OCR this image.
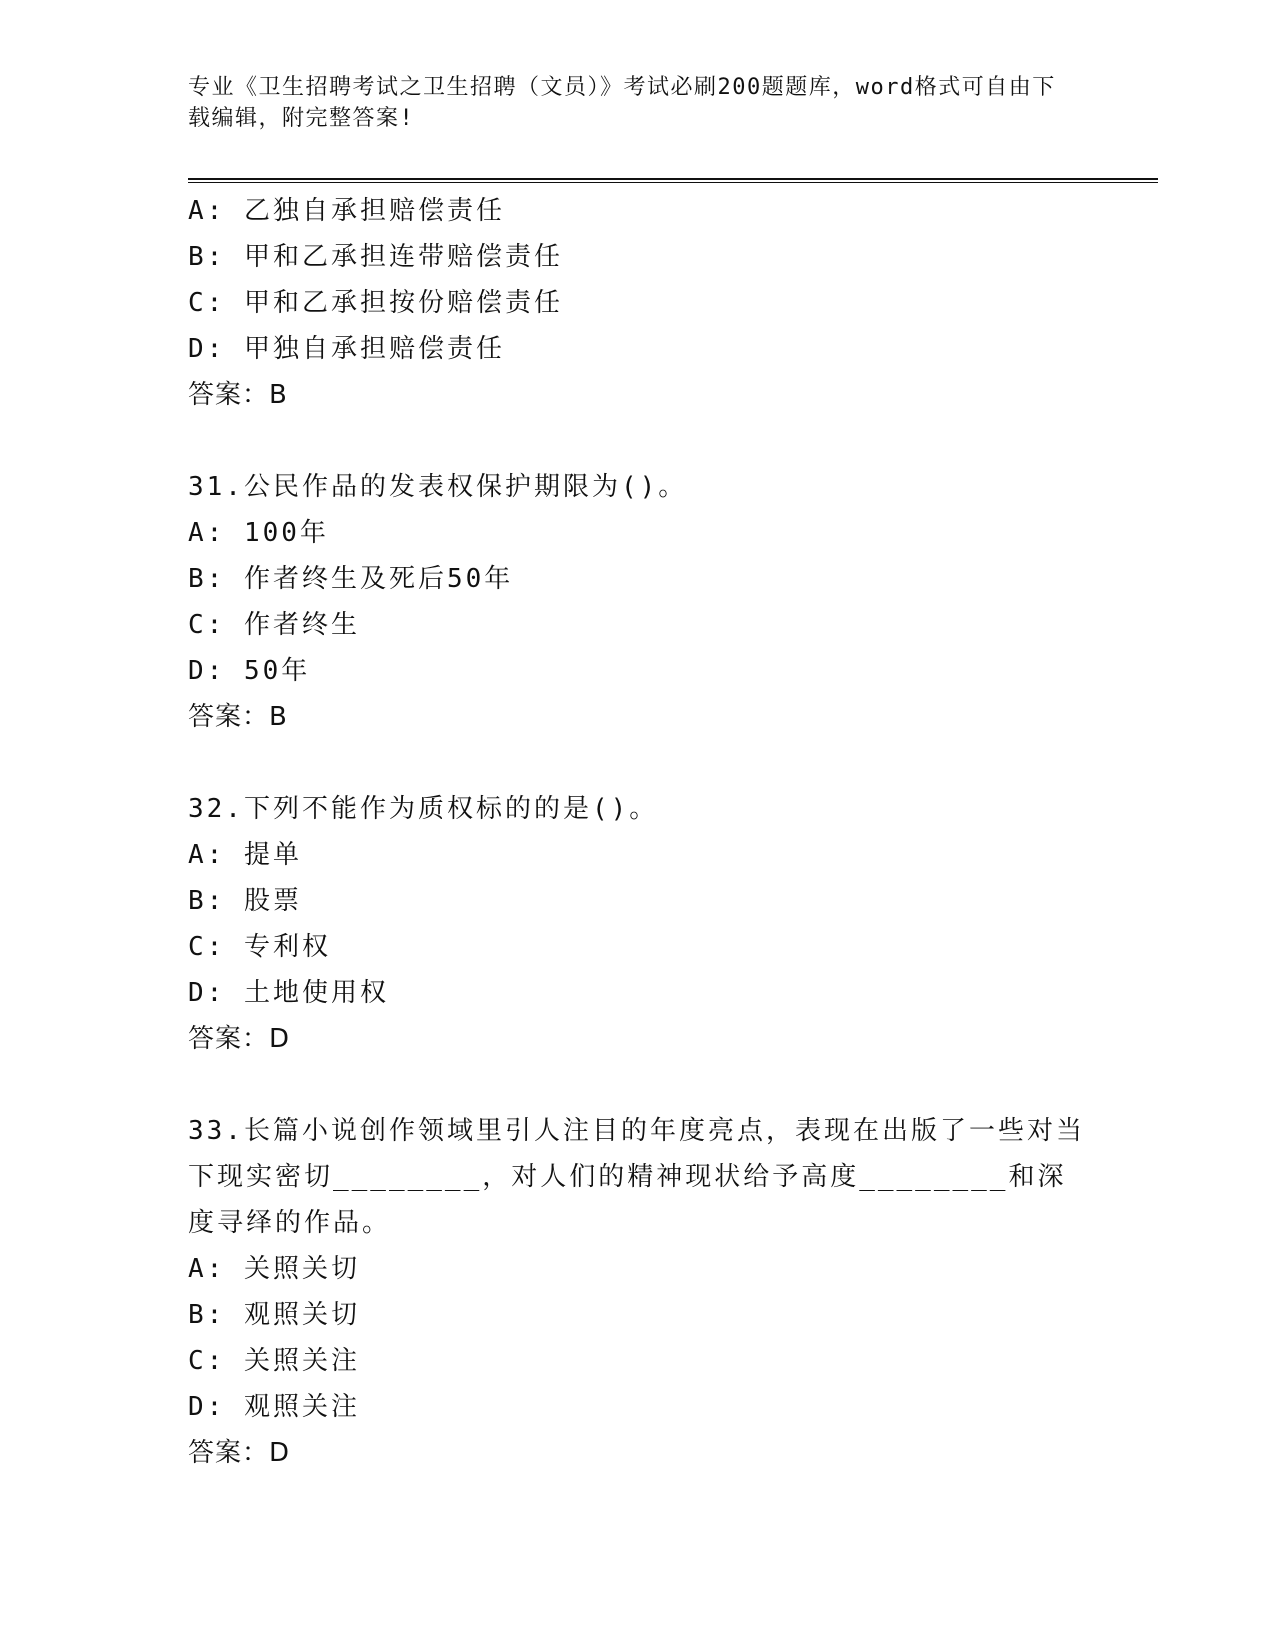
专业《卫生招聘考试之卫生招聘（文员）》考试必刷200题题库，word格式可自由下载编辑，附完整答案!
A: 乙独自承担赔偿责任
B: 甲和乙承担连带赔偿责任
C: 甲和乙承担按份赔偿责任
D: 甲独自承担赔偿责任
答案：B
31.公民作品的发表权保护期限为()。
A: 100年
B: 作者终生及死后50年
C: 作者终生
D: 50年
答案：B
32.下列不能作为质权标的的是()。
A: 提单
B: 股票
C: 专利权
D: 土地使用权
答案：D
33.长篇小说创作领域里引人注目的年度亮点，表现在出版了一些对当下现实密切________，对人们的精神现状给予高度________和深度寻绎的作品。
A: 关照关切
B: 观照关切
C: 关照关注
D: 观照关注
答案：D
